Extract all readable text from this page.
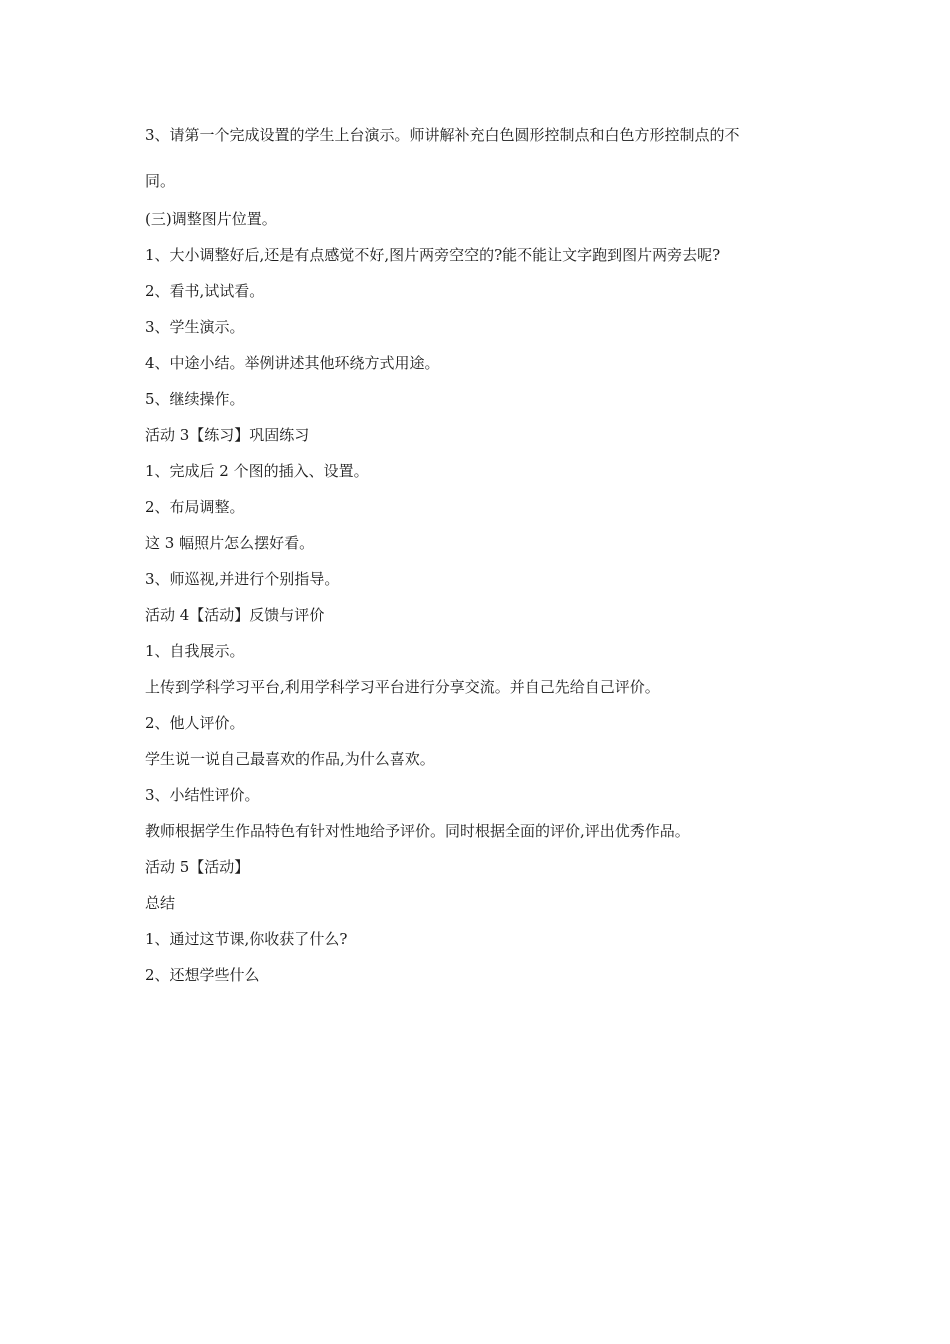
3、请第一个完成设置的学生上台演示。师讲解补充白色圆形控制点和白色方形控制点的不

同。

(三)调整图片位置。

1、大小调整好后,还是有点感觉不好,图片两旁空空的?能不能让文字跑到图片两旁去呢?

2、看书,试试看。

3、学生演示。

4、中途小结。举例讲述其他环绕方式用途。

5、继续操作。

活动 3【练习】巩固练习

1、完成后 2 个图的插入、设置。

2、布局调整。

这 3 幅照片怎么摆好看。

3、师巡视,并进行个别指导。

活动 4【活动】反馈与评价

1、自我展示。

上传到学科学习平台,利用学科学习平台进行分享交流。并自己先给自己评价。

2、他人评价。

学生说一说自己最喜欢的作品,为什么喜欢。

3、小结性评价。

教师根据学生作品特色有针对性地给予评价。同时根据全面的评价,评出优秀作品。

活动 5【活动】

总结

1、通过这节课,你收获了什么?

2、还想学些什么
